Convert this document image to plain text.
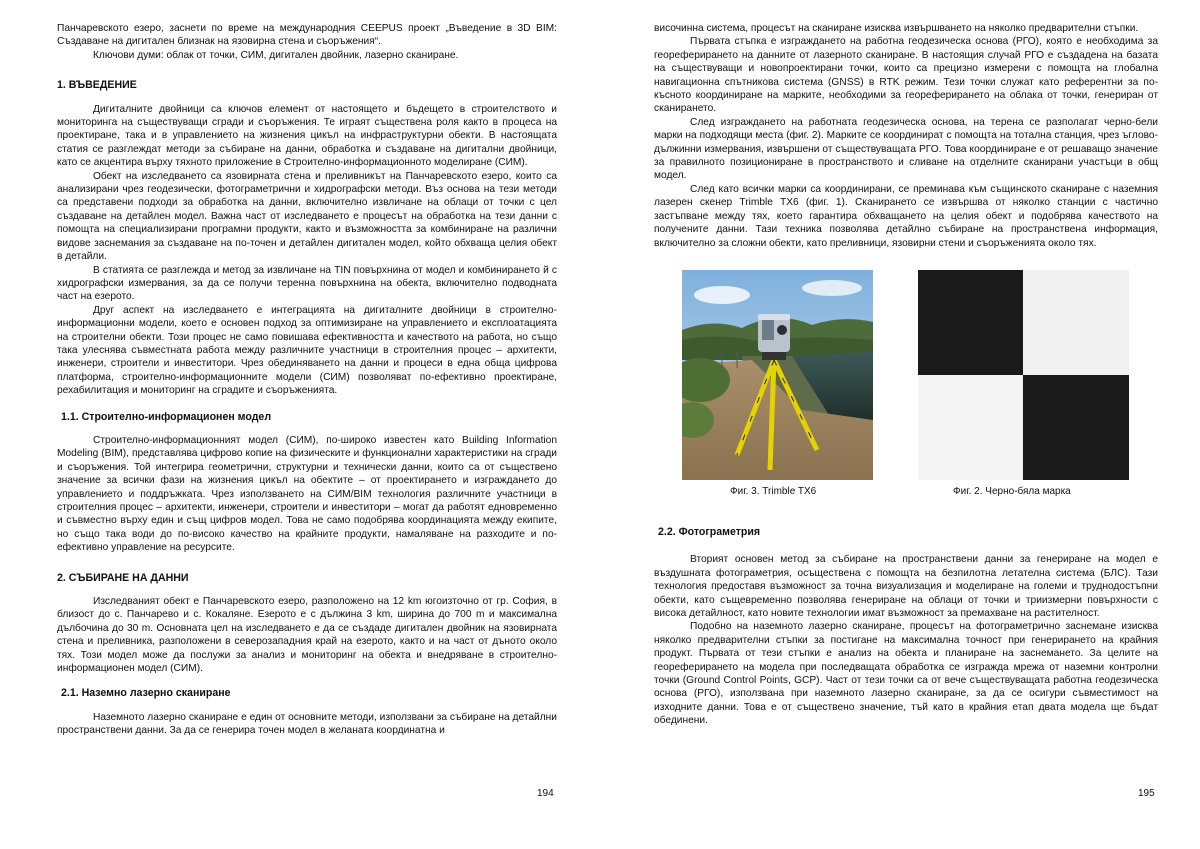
Панчаревското езеро, заснети по време на международния CEEPUS проект „Въведение в 3D BIM: Създаване на дигитален близнак на язовирна стена и съоръжения“.

Ключови думи: облак от точки, СИМ, дигитален двойник, лазерно сканиране.

1. ВЪВЕДЕНИЕ

Дигиталните двойници са ключов елемент от настоящето и бъдещето в строителството и мониторинга на съществуващи сгради и съоръжения. Те играят съществена роля както в процеса на проектиране, така и в управлението на жизнения цикъл на инфраструктурни обекти. В настоящата статия се разглеждат методи за събиране на данни, обработка и създаване на дигитални двойници, като се акцентира върху тяхното приложение в Строително-информационното моделиране (СИМ).

Обект на изследването са язовирната стена и преливникът на Панчаревското езеро, които са анализирани чрез геодезически, фотограметрични и хидрографски методи. Въз основа на тези методи са представени подходи за обработка на данни, включително извличане на облаци от точки с цел създаване на детайлен модел. Важна част от изследването е процесът на обработка на тези данни с помощта на специализирани програмни продукти, както и възможността за комбиниране на различни видове заснемания за създаване на по-точен и детайлен дигитален модел, който обхваща целия обект в детайли.

В статията се разглежда и метод за извличане на TIN повърхнина от модел и комбинирането й с хидрографски измервания, за да се получи теренна повърхнина на обекта, включително подводната част на езерото.

Друг аспект на изследването е интеграцията на дигиталните двойници в строително-информационни модели, което е основен подход за оптимизиране на управлението и експлоатацията на строителни обекти. Този процес не само повишава ефективността и качеството на работа, но също така улеснява съвместната работа между различните участници в строителния процес – архитекти, инженери, строители и инвеститори. Чрез обединяването на данни и процеси в една обща цифрова платформа, строително-информационните модели (СИМ) позволяват по-ефективно проектиране, рехабилитация и мониторинг на сградите и съоръженията.

1.1. Строително-информационен модел

Строително-информационният модел (СИМ), по-широко известен като Building Information Modeling (BIM), представлява цифрово копие на физическите и функционални характеристики на сгради и съоръжения. Той интегрира геометрични, структурни и технически данни, които са от съществено значение за всички фази на жизнения цикъл на обектите – от проектирането и изграждането до управлението и поддръжката. Чрез използването на СИМ/BIM технология различните участници в строителния процес – архитекти, инженери, строители и инвеститори – могат да работят едновременно и съвместно върху един и същ цифров модел. Това не само подобрява координацията между екипите, но също така води до по-високо качество на крайните продукти, намаляване на разходите и по-ефективно управление на ресурсите.

2. СЪБИРАНЕ НА ДАННИ

Изследваният обект е Панчаревското езеро, разположено на 12 km югоизточно от гр. София, в близост до с. Панчарево и с. Кокаляне. Езерото е с дължина 3 km, ширина до 700 m и максимална дълбочина до 30 m. Основната цел на изследването е да се създаде дигитален двойник на язовирната стена и преливника, разположени в северозападния край на езерото, както и на част от дъното около тях. Този модел може да послужи за анализ и мониторинг на обекта и внедряване в строително-информационен модел (СИМ).

2.1. Наземно лазерно сканиране

Наземното лазерно сканиране е един от основните методи, използвани за събиране на детайлни пространствени данни. За да се генерира точен модел в желаната координатна и

194

височинна система, процесът на сканиране изисква извършването на няколко предварителни стъпки.

Първата стъпка е изграждането на работна геодезическа основа (РГО), която е необходима за геореферирането на данните от лазерното сканиране. В настоящия случай РГО е създадена на базата на съществуващи и новопроектирани точки, които са прецизно измерени с помощта на глобална навигационна спътникова система (GNSS) в RTK режим. Тези точки служат като референтни за по-късното координиране на марките, необходими за геореферирането на облака от точки, генериран от сканирането.

След изграждането на работната геодезическа основа, на терена се разполагат черно-бели марки на подходящи места (фиг. 2). Марките се координират с помощта на тотална станция, чрез ъглово-дължинни измервания, извършени от съществуващата РГО. Това координиране е от решаващо значение за правилното позициониране в пространството и сливане на отделните сканирани участъци в общ модел.

След като всички марки са координирани, се преминава към същинското сканиране с наземния лазерен скенер Trimble TX6 (фиг. 1). Сканирането се извършва от няколко станции с частично застъпване между тях, което гарантира обхващането на целия обект и подобрява качеството на получените данни. Тази техника позволява детайлно събиране на пространствена информация, включително за сложни обекти, като преливници, язовирни стени и съоръженията около тях.

Фиг. 3. Trimble TX6	Фиг. 2. Черно-бяла марка
2.2. Фотограметрия

Вторият основен метод за събиране на пространствени данни за генериране на модел е въздушната фотограметрия, осъществена с помощта на безпилотна летателна система (БЛС). Тази технология предоставя възможност за точна визуализация и моделиране на големи и труднодостъпни обекти, като същевременно позволява генериране на облаци от точки и триизмерни повърхности с висока детайлност, като новите технологии имат възможност за премахване на растителност.

Подобно на наземното лазерно сканиране, процесът на фотограметрично заснемане изисква няколко предварителни стъпки за постигане на максимална точност при генерирането на крайния продукт. Първата от тези стъпки е анализ на обекта и планиране на заснемането. За целите на геореферирането на модела при последващата обработка се изгражда мрежа от наземни контролни точки (Ground Control Points, GCP). Част от тези точки са от вече съществуващата работна геодезическа основа (РГО), използвана при наземното лазерно сканиране, за да се осигури съвместимост на изходните данни. Това е от съществено значение, тъй като в крайния етап двата модела ще бъдат обединени.

195
